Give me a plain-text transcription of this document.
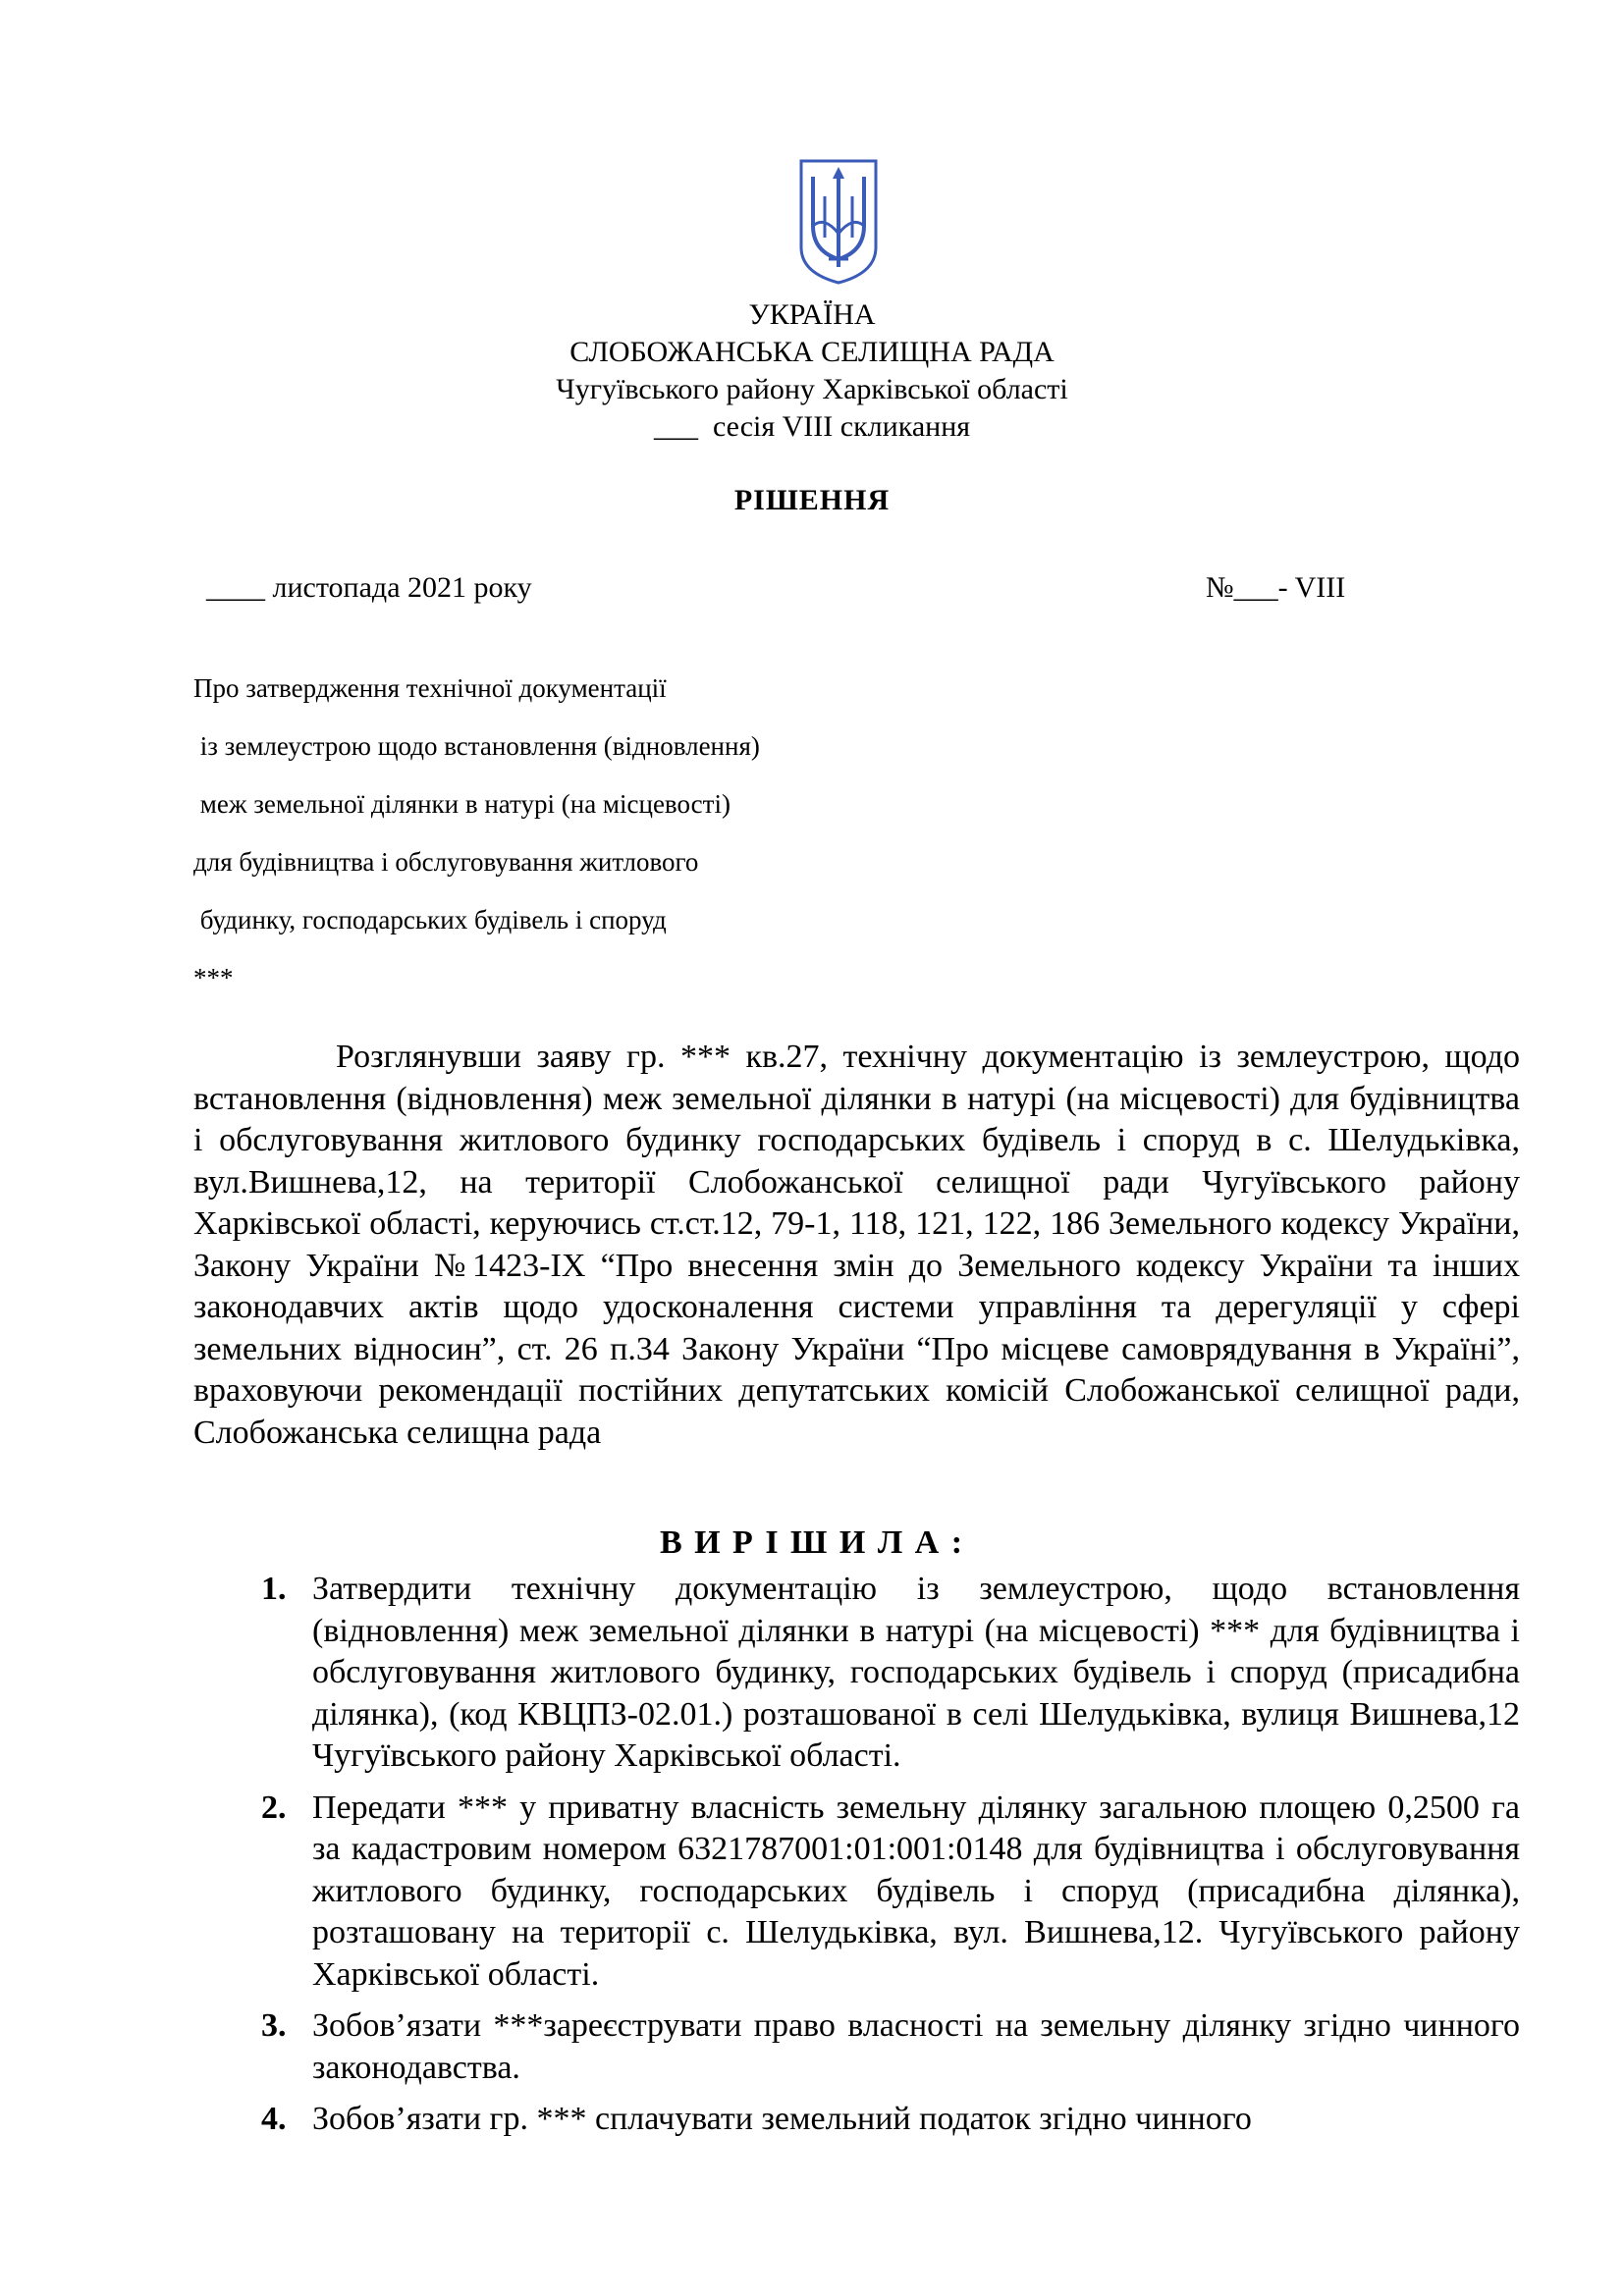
УКРАЇНА
СЛОБОЖАНСЬКА СЕЛИЩНА РАДА
Чугуївського району Харківської області
___  сесія VIII скликання
РІШЕННЯ
____ листопада 2021 року	№___- VIII
Про затвердження технічної документації
із землеустрою щодо встановлення (відновлення)
меж земельної ділянки в натурі (на місцевості)
для будівництва і обслуговування житлового
будинку, господарських будівель і споруд
***
Розглянувши заяву гр. *** кв.27, технічну документацію із землеустрою, щодо встановлення (відновлення) меж земельної ділянки в натурі (на місцевості) для будівництва і обслуговування житлового будинку господарських будівель і споруд в с. Шелудьківка, вул.Вишнева,12, на території Слобожанської селищної ради Чугуївського району Харківської області, керуючись ст.ст.12, 79-1, 118, 121, 122, 186 Земельного кодексу України, Закону України №1423-ІХ “Про внесення змін до Земельного кодексу України та інших законодавчих актів щодо удосконалення системи управління та дерегуляції у сфері земельних відносин”, ст. 26 п.34 Закону України “Про місцеве самоврядування в Україні”, враховуючи рекомендації постійних депутатських комісій Слобожанської селищної ради, Слобожанська селищна рада
В И Р І Ш И Л А :
1. Затвердити технічну документацію із землеустрою, щодо встановлення (відновлення) меж земельної ділянки в натурі (на місцевості) *** для будівництва і обслуговування житлового будинку, господарських будівель і споруд (присадибна ділянка), (код КВЦПЗ-02.01.) розташованої в селі Шелудьківка, вулиця Вишнева,12 Чугуївського району Харківської області.
2. Передати *** у приватну власність земельну ділянку загальною площею 0,2500 га за кадастровим номером 6321787001:01:001:0148 для будівництва і обслуговування житлового будинку, господарських будівель і споруд (присадибна ділянка), розташовану на території с. Шелудьківка, вул. Вишнева,12. Чугуївського району Харківської області.
3. Зобов’язати ***зареєструвати право власності на земельну ділянку згідно чинного законодавства.
4. Зобов’язати гр. *** сплачувати земельний податок згідно чинного
